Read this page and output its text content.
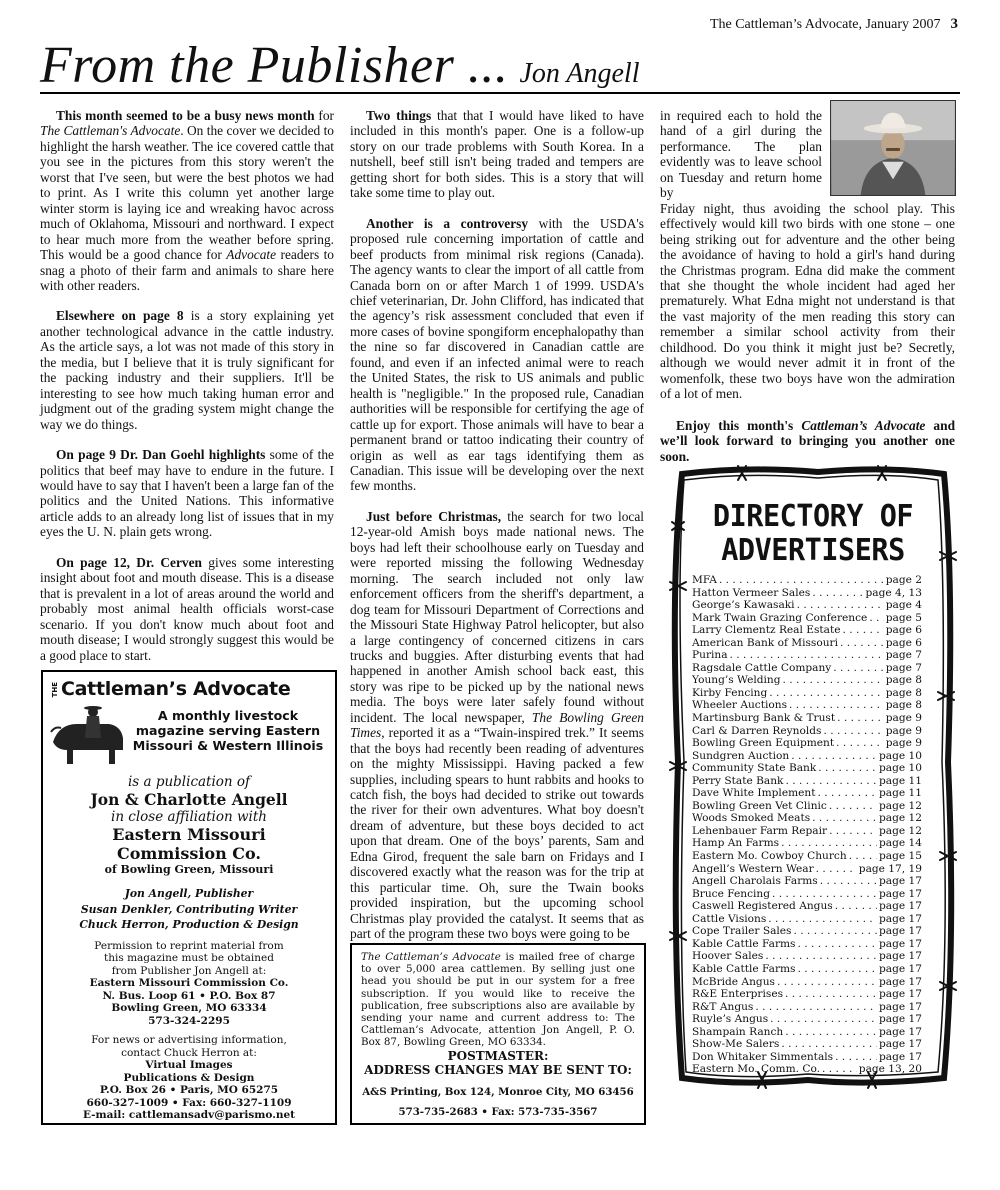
The Cattleman’s Advocate, January 2007 3
From the Publisher ... Jon Angell

This month seemed to be a busy news month for The Cattleman's Advocate. On the cover we decided to highlight the harsh weather. The ice covered cattle that you see in the pictures from this story weren't the worst that I've seen, but were the best photos we had to print. As I write this column yet another large winter storm is laying ice and wreaking havoc across much of Oklahoma, Missouri and northward. I expect to hear much more from the weather before spring. This would be a good chance for Advocate readers to snag a photo of their farm and animals to share here with other readers.

Elsewhere on page 8 is a story explaining yet another technological advance in the cattle industry. As the article says, a lot was not made of this story in the media, but I believe that it is truly significant for the packing industry and their suppliers. It'll be interesting to see how much taking human error and judgment out of the grading system might change the way we do things.

On page 9 Dr. Dan Goehl highlights some of the politics that beef may have to endure in the future. I would have to say that I haven't been a large fan of the politics and the United Nations. This informative article adds to an already long list of issues that in my eyes the U. N. plain gets wrong.

On page 12, Dr. Cerven gives some interesting insight about foot and mouth disease. This is a disease that is prevalent in a lot of areas around the world and probably most animal health officials worst-case scenario. If you don't know much about foot and mouth disease; I would strongly suggest this would be a good place to start.

Two things that that I would have liked to have included in this month's paper. One is a follow-up story on our trade problems with South Korea. In a nutshell, beef still isn't being traded and tempers are getting short for both sides. This is a story that will take some time to play out.

Another is a controversy with the USDA's proposed rule concerning importation of cattle and beef products from minimal risk regions (Canada). The agency wants to clear the import of all cattle from Canada born on or after March 1 of 1999. USDA's chief veterinarian, Dr. John Clifford, has indicated that the agency’s risk assessment concluded that even if more cases of bovine spongiform encephalopathy than the nine so far discovered in Canadian cattle are found, and even if an infected animal were to reach the United States, the risk to US animals and public health is "negligible." In the proposed rule, Canadian authorities will be responsible for certifying the age of cattle up for export. Those animals will have to bear a permanent brand or tattoo indicating their country of origin as well as ear tags identifying them as Canadian. This issue will be developing over the next few months.

Just before Christmas, the search for two local 12-year-old Amish boys made national news. The boys had left their schoolhouse early on Tuesday and were reported missing the following Wednesday morning. The search included not only law enforcement officers from the sheriff's department, a dog team for Missouri Department of Corrections and the Missouri State Highway Patrol helicopter, but also a large contingency of concerned citizens in cars trucks and buggies. After disturbing events that had happened in another Amish school back east, this story was ripe to be picked up by the national news media. The boys were later safely found without incident. The local newspaper, The Bowling Green Times, reported it as a “Twain-inspired trek.” It seems that the boys had recently been reading of adventures on the mighty Mississippi. Having packed a few supplies, including spears to hunt rabbits and hooks to catch fish, the boys had decided to strike out towards the river for their own adventures. What boy doesn't dream of adventure, but these boys decided to act upon that dream. One of the boys’ parents, Sam and Edna Girod, frequent the sale barn on Fridays and I discovered exactly what the reason was for the trip at this particular time. Oh, sure the Twain books provided inspiration, but the upcoming school Christmas play provided the catalyst. It seems that as part of the program these two boys were going to be

in required each to hold the hand of a girl during the performance. The plan evidently was to leave school on Tuesday and return home by

Friday night, thus avoiding the school play. This effectively would kill two birds with one stone – one being striking out for adventure and the other being the avoidance of having to hold a girl's hand during the Christmas program. Edna did make the comment that she thought the whole incident had aged her prematurely. What Edna might not understand is that the vast majority of the men reading this story can remember a similar school activity from their childhood. Do you think it might just be? Secretly, although we would never admit it in front of the womenfolk, these two boys have won the admiration of a lot of men.

Enjoy this month's Cattleman’s Advocate and we’ll look forward to bringing you another one soon.

THE Cattleman’s Advocate
A monthly livestock
magazine serving Eastern
Missouri & Western Illinois
is a publication of
Jon & Charlotte Angell
in close affiliation with
Eastern Missouri
Commission Co.
of Bowling Green, Missouri
Jon Angell, Publisher
Susan Denkler, Contributing Writer
Chuck Herron, Production & Design
Permission to reprint material from
this magazine must be obtained
from Publisher Jon Angell at:
Eastern Missouri Commission Co.
N. Bus. Loop 61 • P.O. Box 87
Bowling Green, MO 63334
573-324-2295
For news or advertising information,
contact Chuck Herron at:
Virtual Images
Publications & Design
P.O. Box 26 • Paris, MO 65275
660-327-1009 • Fax: 660-327-1109
E-mail: cattlemansadv@parismo.net

The Cattleman’s Advocate is mailed free of charge to over 5,000 area cattlemen. By selling just one head you should be put in our system for a free subscription. If you would like to receive the publication, free subscriptions also are available by sending your name and current address to: The Cattleman’s Advocate, attention Jon Angell, P. O. Box 87, Bowling Green, MO 63334.

POSTMASTER:
ADDRESS CHANGES MAY BE SENT TO:
A&S Printing, Box 124, Monroe City, MO 63456
573-735-2683 • Fax: 573-735-3567
DIRECTORY OF
ADVERTISERS
MFA . . .	page 2
Hatton Vermeer Sales . . .	page 4, 13
George’s Kawasaki . . .	page 4
Mark Twain Grazing Conference . . . page 5
Larry Clementz Real Estate . . .	page 6
American Bank of Missouri . . .	page 6
Purina . . .	page 7
Ragsdale Cattle Company . . .	page 7
Young’s Welding . . .	page 8
Kirby Fencing . . .	page 8
Wheeler Auctions . . .	page 8
Martinsburg Bank & Trust . . .	page 9
Carl & Darren Reynolds . . .	page 9
Bowling Green Equipment . . .	page 9
Sundgren Auction . . .	page 10
Community State Bank . . .	page 10
Perry State Bank . . .	page 11
Dave White Implement . . .	page 11
Bowling Green Vet Clinic . . .	page 12
Woods Smoked Meats . . .	page 12
Lehenbauer Farm Repair . . .	page 12
Hamp An Farms . . .	page 14
Eastern Mo. Cowboy Church . . .	page 15
Angell’s Western Wear . . .	page 17, 19
Angell Charolais Farms . . .	page 17
Bruce Fencing . . .	page 17
Caswell Registered Angus . . .	page 17
Cattle Visions . . .	page 17
Cope Trailer Sales . . .	page 17
Kable Cattle Farms . . .	page 17
Hoover Sales . . .	page 17
Kable Cattle Farms . . .	page 17
McBride Angus . . .	page 17
R&E Enterprises . . .	page 17
R&T Angus . . .	page 17
Ruyle’s Angus . . .	page 17
Shampain Ranch . . .	page 17
Show-Me Salers . . .	page 17
Don Whitaker Simmentals . . .	page 17
Eastern Mo. Comm. Co. . . .	page 13, 20
